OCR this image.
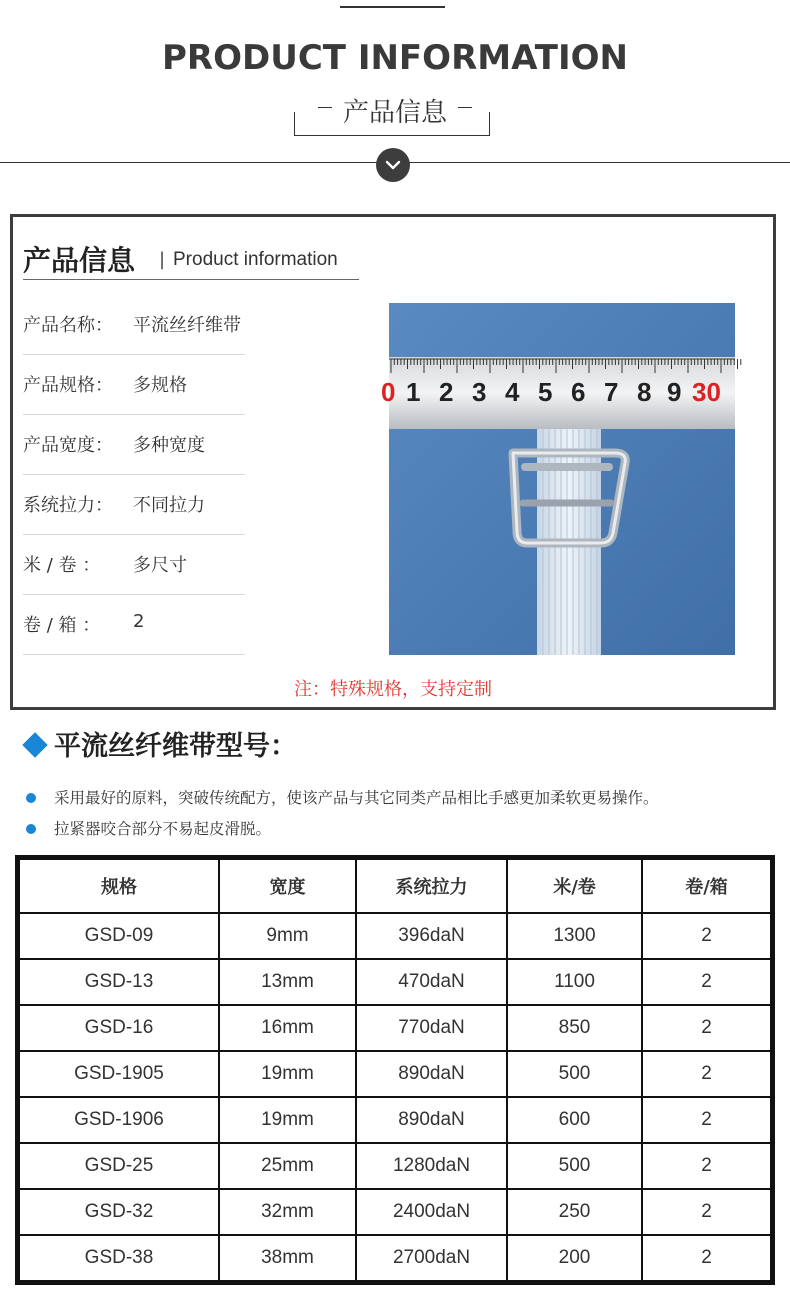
PRODUCT INFORMATION
产品信息
产品信息 | Product information
产品名称： 平流丝纤维带
产品规格： 多规格
产品宽度： 多种宽度
系统拉力： 不同拉力
米 / 卷 ： 多尺寸
卷 / 箱 ： 2
0 1 2 3 4 5 6 7 8 9 30
注：特殊规格，支持定制
平流丝纤维带型号：
采用最好的原料，突破传统配方，使该产品与其它同类产品相比手感更加柔软更易操作。
拉紧器咬合部分不易起皮滑脱。
规格	宽度	系统拉力	米/卷	卷/箱
GSD-09	9mm	396daN	1300	2
GSD-13	13mm	470daN	1100	2
GSD-16	16mm	770daN	850	2
GSD-1905	19mm	890daN	500	2
GSD-1906	19mm	890daN	600	2
GSD-25	25mm	1280daN	500	2
GSD-32	32mm	2400daN	250	2
GSD-38	38mm	2700daN	200	2
